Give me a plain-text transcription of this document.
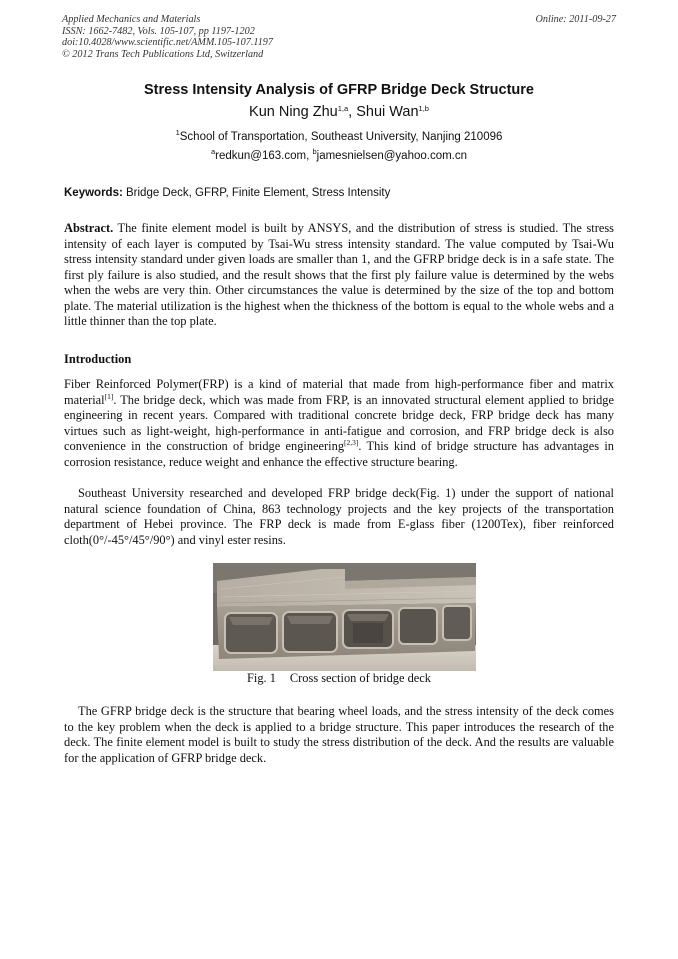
Applied Mechanics and Materials
ISSN: 1662-7482, Vols. 105-107, pp 1197-1202
doi:10.4028/www.scientific.net/AMM.105-107.1197
© 2012 Trans Tech Publications Ltd, Switzerland
Online: 2011-09-27
Stress Intensity Analysis of GFRP Bridge Deck Structure
Kun Ning Zhu$^{1,a}$, Shui Wan$^{1,b}$
$^1$School of Transportation, Southeast University, Nanjing 210096
$^a$redkun@163.com, $^b$jamesnielsen@yahoo.com.cn
Keywords: Bridge Deck, GFRP, Finite Element, Stress Intensity
Abstract. The finite element model is built by ANSYS, and the distribution of stress is studied. The stress intensity of each layer is computed by Tsai-Wu stress intensity standard. The value computed by Tsai-Wu stress intensity standard under given loads are smaller than 1, and the GFRP bridge deck is in a safe state. The first ply failure is also studied, and the result shows that the first ply failure value is determined by the webs when the webs are very thin. Other circumstances the value is determined by the size of the top and bottom plate. The material utilization is the highest when the thickness of the bottom is equal to the whole webs and a little thinner than the top plate.
Introduction
Fiber Reinforced Polymer(FRP) is a kind of material that made from high-performance fiber and matrix material[1]. The bridge deck, which was made from FRP, is an innovated structural element applied to bridge engineering in recent years. Compared with traditional concrete bridge deck, FRP bridge deck has many virtues such as light-weight, high-performance in anti-fatigue and corrosion, and FRP bridge deck is also convenience in the construction of bridge engineering[2,3]. This kind of bridge structure has advantages in corrosion resistance, reduce weight and enhance the effective structure bearing.
Southeast University researched and developed FRP bridge deck(Fig. 1) under the support of national natural science foundation of China, 863 technology projects and the key projects of the transportation department of Hebei province. The FRP deck is made from E-glass fiber (1200Tex), fiber reinforced cloth(0°/-45°/45°/90°) and vinyl ester resins.
Fig. 1 Cross section of bridge deck
The GFRP bridge deck is the structure that bearing wheel loads, and the stress intensity of the deck comes to the key problem when the deck is applied to a bridge structure. This paper introduces the research of the deck. The finite element model is built to study the stress distribution of the deck. And the results are valuable for the application of GFRP bridge deck.
